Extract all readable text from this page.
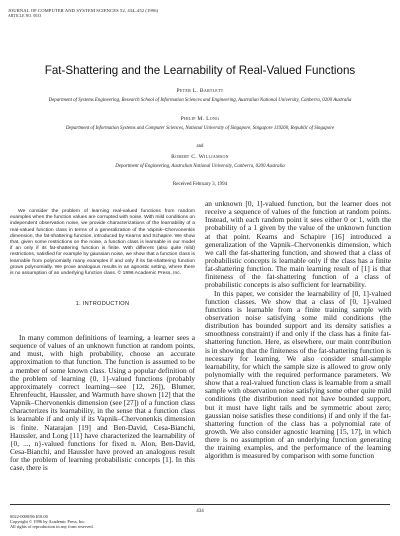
JOURNAL OF COMPUTER AND SYSTEM SCIENCES 52, 434–452 (1996)
ARTICLE NO. 0033
Fat-Shattering and the Learnability of Real-Valued Functions
Peter L. Bartlett
Department of Systems Engineering, Research School of Information Sciences and Engineering, Australian National University, Canberra, 0200 Australia
Philip M. Long
Department of Information Systems and Computer Sciences, National University of Singapore, Singapore 119260, Republic of Singapore
and
Robert C. Williamson
Department of Engineering, Australian National University, Canberra, 0200 Australia
Received February 3, 1994
We consider the problem of learning real-valued functions from random examples when the function values are corrupted with noise. With mild conditions on independent observation noise, we provide characterizations of the learnability of a real-valued function class in terms of a generalization of the Vapnik–Chervonenkis dimension, the fat-shattering function, introduced by Kearns and Schapire. We show that, given some restrictions on the noise, a function class is learnable in our model if an only if its fat-shattering function is finite. With different (also quite mild) restrictions, satisfied for example by gaussian noise, we show that a function class is learnable from polynomially many examples if and only if its fat-shattering function grows polynomially. We prove analogous results in an agnostic setting, where there is no assumption of an underlying function class. © 1996 Academic Press, Inc.
1. INTRODUCTION

In many common definitions of learning, a learner sees a sequence of values of an unknown function at random points, and must, with high probability, choose an accurate approximation to that function. The function is assumed to be a member of some known class. Using a popular definition of the problem of learning {0, 1}-valued functions (probably approximately correct learning—see [12, 26]), Blumer, Ehrenfeucht, Haussler, and Warmuth have shown [12] that the Vapnik–Chervonenkis dimension (see [27]) of a function class characterizes its learnability, in the sense that a function class is learnable if and only if its Vapnik–Chervonenkis dimension is finite. Natarajan [19] and Ben-David, Cesa-Bianchi, Haussler, and Long [11] have characterized the learnability of {0, ..., n}-valued functions for fixed n. Alon, Ben-David, Cesa-Bianchi, and Haussler have proved an analogous result for the problem of learning probabilistic concepts [1]. In this case, there is

an unknown [0, 1]-valued function, but the learner does not receive a sequence of values of the function at random points. Instead, with each random point it sees either 0 or 1, with the probability of a 1 given by the value of the unknown function at that point. Kearns and Schapire [16] introduced a generalization of the Vapnik–Chervonenkis dimension, which we call the fat-shattering function, and showed that a class of probabilistic concepts is learnable only if the class has a finite fat-shattering function. The main learning result of [1] is that finiteness of the fat-shattering function of a class of probabilistic concepts is also sufficient for learnability.

In this paper, we consider the learnability of [0, 1]-valued function classes. We show that a class of [0, 1]-valued functions is learnable from a finite training sample with observation noise satisfying some mild conditions (the distribution has bounded support and its density satisfies a smoothness constraint) if and only if the class has a finite fat-shattering function. Here, as elsewhere, our main contribution is in showing that the finiteness of the fat-shattering function is necessary for learning. We also consider small-sample learnability, for which the sample size is allowed to grow only polynomially with the required performance parameters. We show that a real-valued function class is learnable from a small sample with observation noise satisfying some other quite mild conditions (the distribution need not have bounded support, but it must have light tails and be symmetric about zero; gaussian noise satisfies these conditions) if and only if the fat-shattering function of the class has a polynomial rate of growth. We also consider agnostic learning [15, 17], in which there is no assumption of an underlying function generating the training examples, and the performance of the learning algorithm is measured by comparison with some function

434
0022-0000/96 $18.00
Copyright © 1996 by Academic Press, Inc.
All rights of reproduction in any form reserved.
